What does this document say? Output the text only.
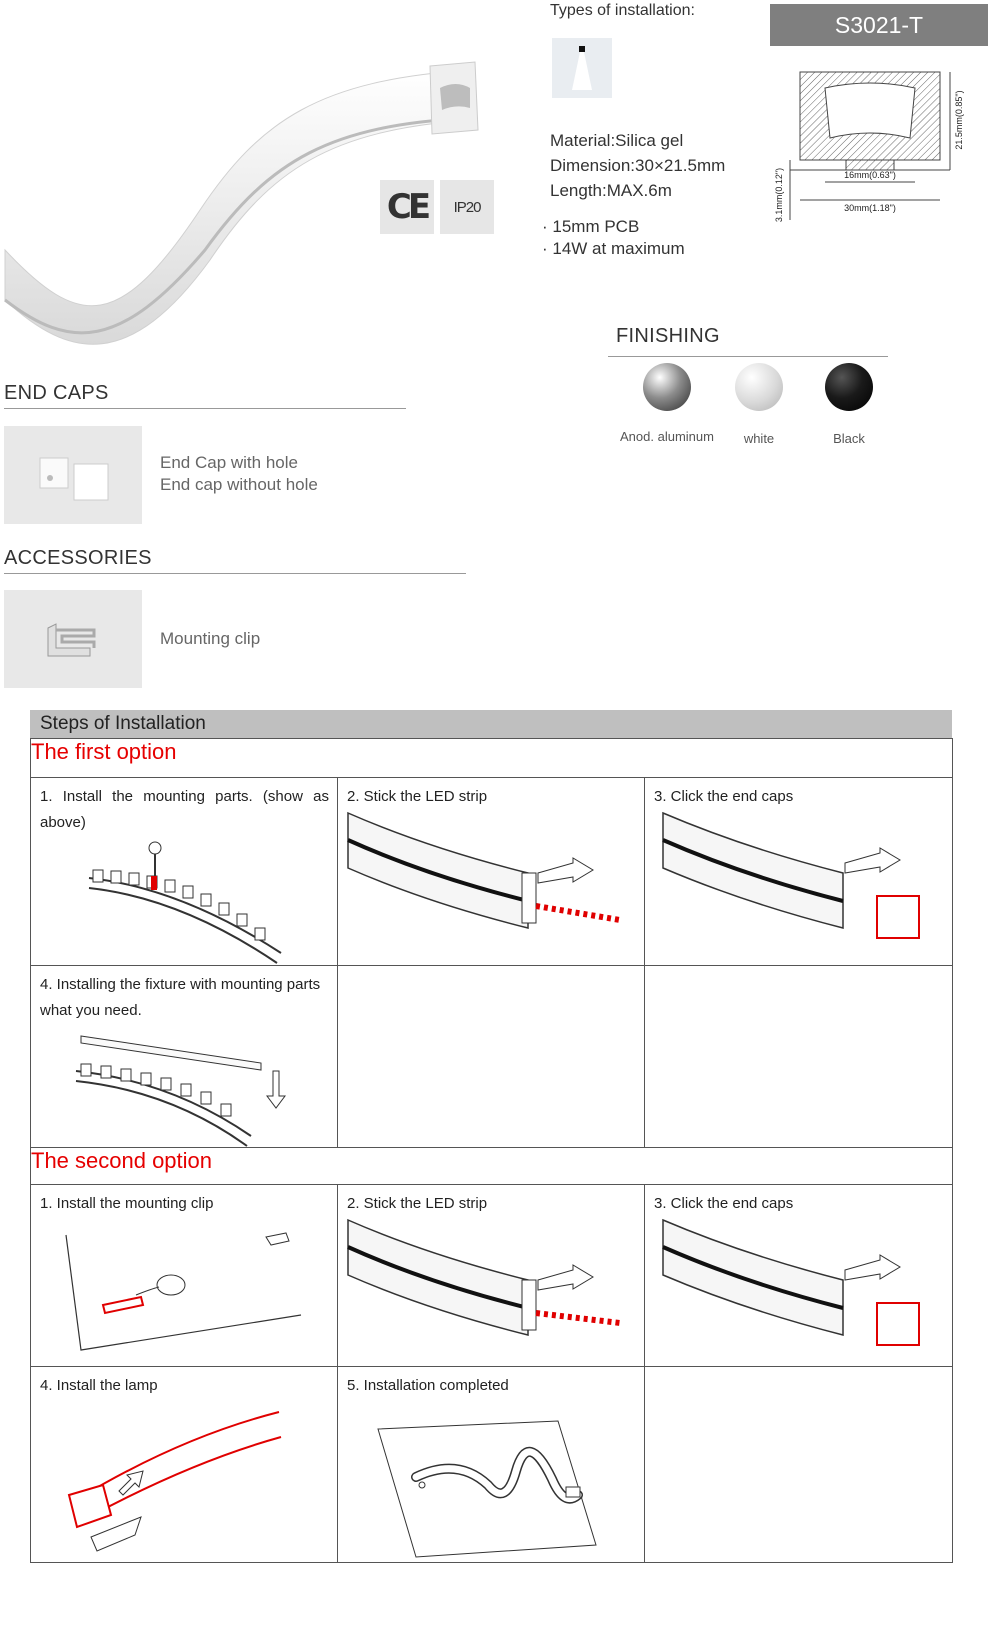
CE IP20
Types of installation:
Material:Silica gel
Dimension:30×21.5mm
Length:MAX.6m
· 15mm PCB
· 14W at maximum
S3021-T
16mm(0.63")
30mm(1.18")
21.5mm(0.85")
3.1mm(0.12")
FINISHING
Anod. aluminum	white	Black
END CAPS
End Cap with hole
End cap without hole
ACCESSORIES
Mounting clip
Steps of Installation
The first option		

1. Install the mounting parts. (show as above)	2. Stick the LED strip	3. Click the end caps

4. Installing the fixture with mounting parts what you need.		

The second option		

1. Install the mounting clip	2. Stick the LED strip	3. Click the end caps

4. Install the lamp	5. Installation completed	
